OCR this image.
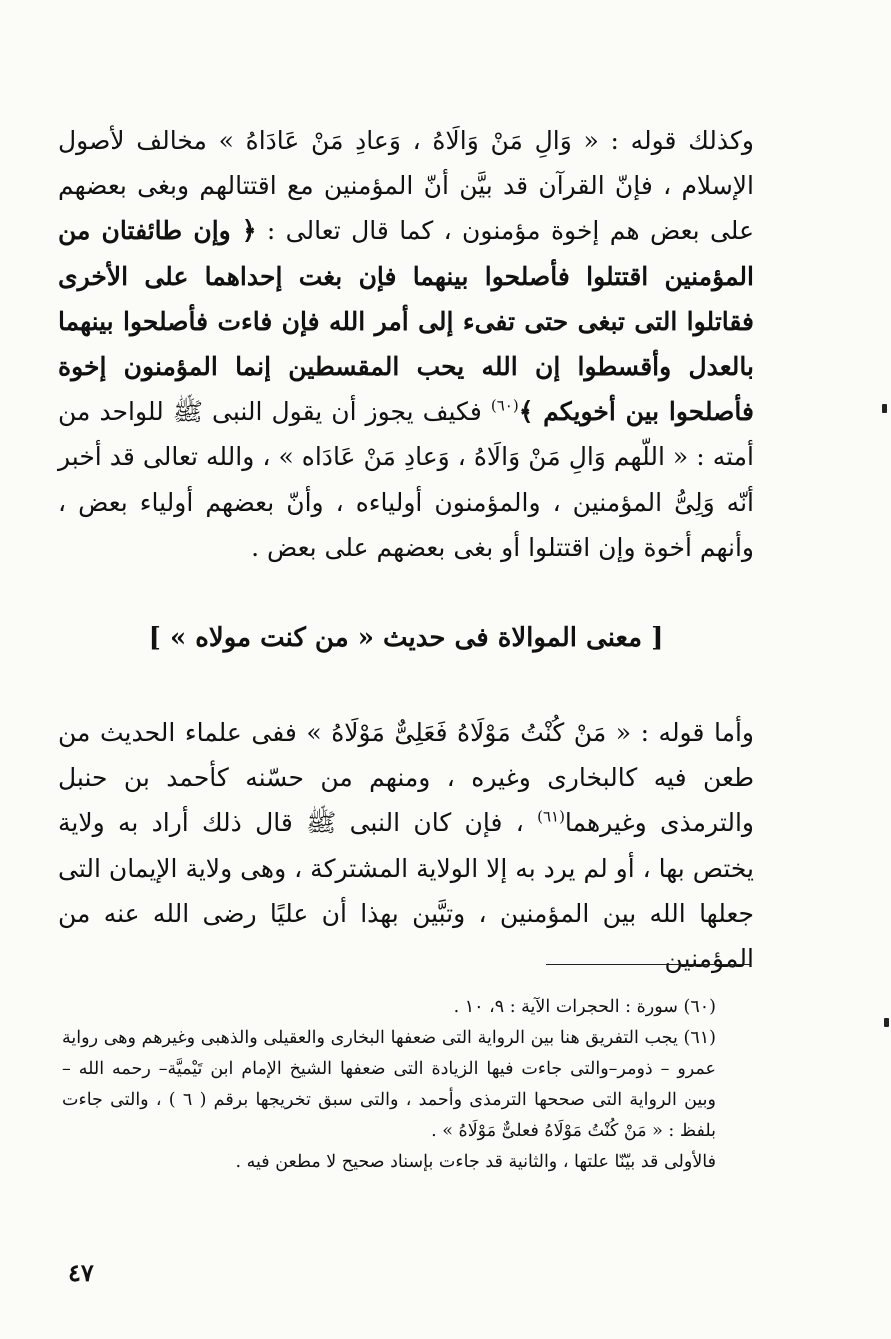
وكذلك قوله : « وَالِ مَنْ وَالَاهُ ، وَعادِ مَنْ عَادَاهُ » مخالف لأصول الإسلام ، فإنّ القرآن قد بيَّن أنّ المؤمنين مع اقتتالهم وبغى بعضهم على بعض هم إخوة مؤمنون ، كما قال تعالى : ﴿ وإن طائفتان من المؤمنين اقتتلوا فأصلحوا بينهما فإن بغت إحداهما على الأخرى فقاتلوا التى تبغى حتى تفىء إلى أمر الله فإن فاءت فأصلحوا بينهما بالعدل وأقسطوا إن الله يحب المقسطين إنما المؤمنون إخوة فأصلحوا بين أخويكم ﴾$^{(٦٠)}$ فكيف يجوز أن يقول النبى ﷺ للواحد من أمته : « اللّهم وَالِ مَنْ وَالَاهُ ، وَعادِ مَنْ عَادَاه » ، والله تعالى قد أخبر أنّه وَلِىُّ المؤمنين ، والمؤمنون أولياءه ، وأنّ بعضهم أولياء بعض ، وأنهم أخوة وإن اقتتلوا أو بغى بعضهم على بعض .

[ معنى الموالاة فى حديث « من كنت مولاه » ]

وأما قوله : « مَنْ كُنْتُ مَوْلَاهُ فَعَلِىٌّ مَوْلَاهُ » ففى علماء الحديث من طعن فيه كالبخارى وغيره ، ومنهم من حسّنه كأحمد بن حنبل والترمذى وغيرهما$^{(٦١)}$ ، فإن كان النبى ﷺ قال ذلك أراد به ولاية يختص بها ، أو لم يرد به إلا الولاية المشتركة ، وهى ولاية الإيمان التى جعلها الله بين المؤمنين ، وتبَّين بهذا أن عليًا رضى الله عنه من المؤمنين

(٦٠) سورة : الحجرات الآية : ٩، ١٠ .

(٦١) يجب التفريق هنا بين الرواية التى ضعفها البخارى والعقيلى والذهبى وغيرهم وهى رواية عمرو – ذومر–والتى جاءت فيها الزيادة التى ضعفها الشيخ الإمام ابن تَيْميَّة– رحمه الله – وبين الرواية التى صححها الترمذى وأحمد ، والتى سبق تخريجها برقم ( ٦ ) ، والتى جاءت بلفظ : « مَنْ كُنْتُ مَوْلَاهُ فعلىٌّ مَوْلَاهُ » .

فالأولى قد بيّنّا علتها ، والثانية قد جاءت بإسناد صحيح لا مطعن فيه .

٤٧
